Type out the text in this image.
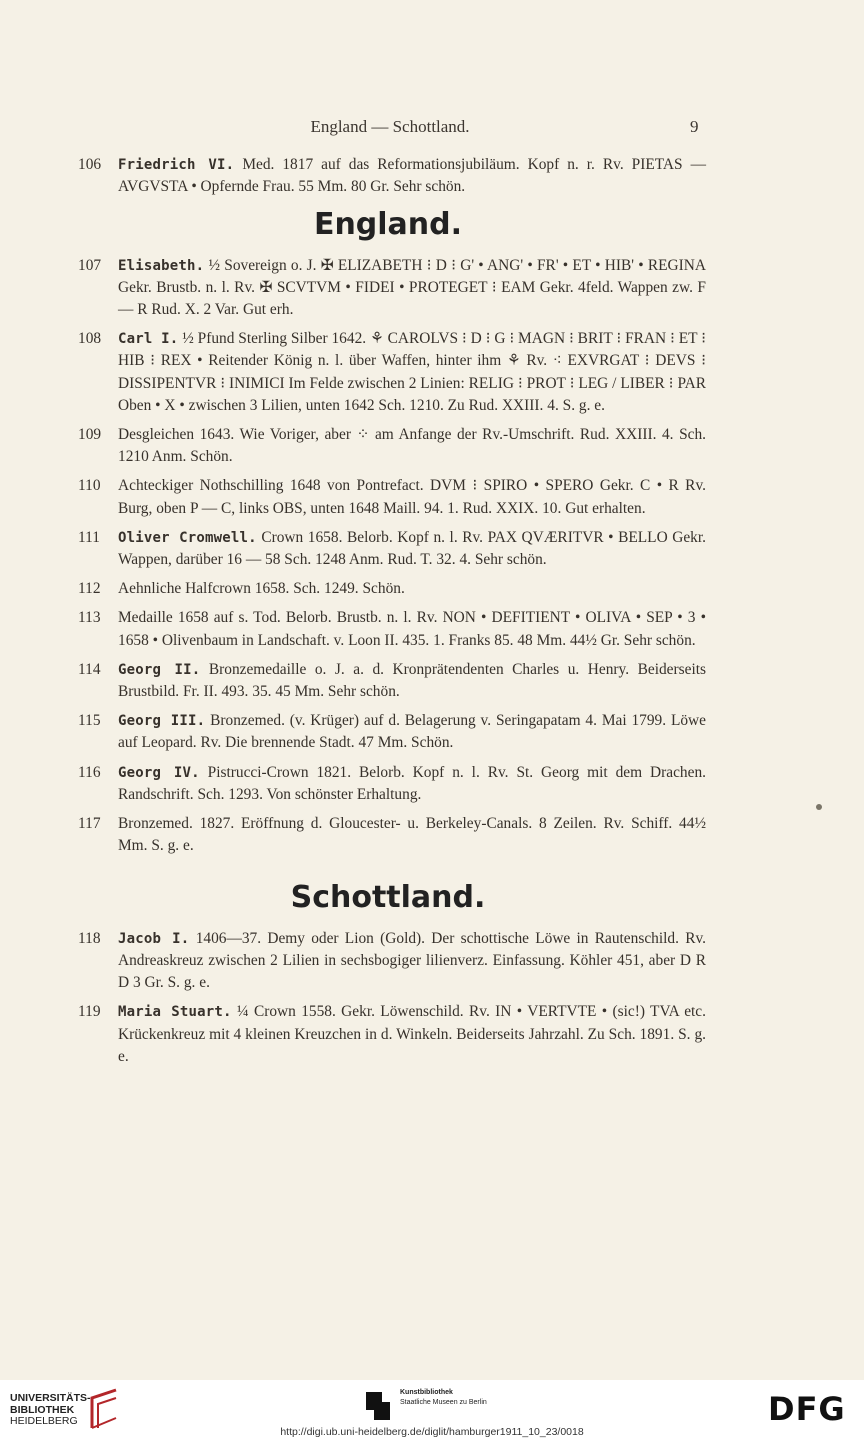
England — Schottland.	9
106 Friedrich VI. Med. 1817 auf das Reformationsjubiläum. Kopf n. r. Rv. PIETAS — AVGVSTA • Opfernde Frau. 55 Mm. 80 Gr. Sehr schön.
England.
107 Elisabeth. ½ Sovereign o. J. ✠ ELIZABETH ⁝ D ⁝ G' • ANG' • FR' • ET • HIB' • REGINA Gekr. Brustb. n. l. Rv. ✠ SCVTVM • FIDEI • PROTEGET ⁝ EAM Gekr. 4feld. Wappen zw. F — R Rud. X. 2 Var. Gut erh.
108 Carl I. ½ Pfund Sterling Silber 1642. ⚘ CAROLVS ⁝ D ⁝ G ⁝ MAGN ⁝ BRIT ⁝ FRAN ⁝ ET ⁝ HIB ⁝ REX • Reitender König n. l. über Waffen, hinter ihm ⚘ Rv. ⁖ EXVRGAT ⁝ DEVS ⁝ DISSIPENTVR ⁝ INIMICI Im Felde zwischen 2 Linien: RELIG ⁝ PROT ⁝ LEG / LIBER ⁝ PAR Oben • X • zwischen 3 Lilien, unten 1642 Sch. 1210. Zu Rud. XXIII. 4. S. g. e.
109 Desgleichen 1643. Wie Voriger, aber ⁘ am Anfange der Rv.-Umschrift. Rud. XXIII. 4. Sch. 1210 Anm. Schön.
110 Achteckiger Nothschilling 1648 von Pontrefact. DVM ⁝ SPIRO • SPERO Gekr. C • R Rv. Burg, oben P — C, links OBS, unten 1648 Maill. 94. 1. Rud. XXIX. 10. Gut erhalten.
111 Oliver Cromwell. Crown 1658. Belorb. Kopf n. l. Rv. PAX QVÆRITVR • BELLO Gekr. Wappen, darüber 16 — 58 Sch. 1248 Anm. Rud. T. 32. 4. Sehr schön.
112 Aehnliche Halfcrown 1658. Sch. 1249. Schön.
113 Medaille 1658 auf s. Tod. Belorb. Brustb. n. l. Rv. NON • DEFITIENT • OLIVA • SEP • 3 • 1658 • Olivenbaum in Landschaft. v. Loon II. 435. 1. Franks 85. 48 Mm. 44½ Gr. Sehr schön.
114 Georg II. Bronzemedaille o. J. a. d. Kronprätendenten Charles u. Henry. Beiderseits Brustbild. Fr. II. 493. 35. 45 Mm. Sehr schön.
115 Georg III. Bronzemed. (v. Krüger) auf d. Belagerung v. Seringapatam 4. Mai 1799. Löwe auf Leopard. Rv. Die brennende Stadt. 47 Mm. Schön.
116 Georg IV. Pistrucci-Crown 1821. Belorb. Kopf n. l. Rv. St. Georg mit dem Drachen. Randschrift. Sch. 1293. Von schönster Erhaltung.
117 Bronzemed. 1827. Eröffnung d. Gloucester- u. Berkeley-Canals. 8 Zeilen. Rv. Schiff. 44½ Mm. S. g. e.
Schottland.
118 Jacob I. 1406—37. Demy oder Lion (Gold). Der schottische Löwe in Rautenschild. Rv. Andreaskreuz zwischen 2 Lilien in sechsbogiger lilienverz. Einfassung. Köhler 451, aber D R D 3 Gr. S. g. e.
119 Maria Stuart. ¼ Crown 1558. Gekr. Löwenschild. Rv. IN • VERTVTE • (sic!) TVA etc. Krückenkreuz mit 4 kleinen Kreuzchen in d. Winkeln. Beiderseits Jahrzahl. Zu Sch. 1891. S. g. e.
UNIVERSITÄTS-
BIBLIOTHEK
HEIDELBERG
Kunstbibliothek
Staatliche Museen zu Berlin	DFG
http://digi.ub.uni-heidelberg.de/diglit/hamburger1911_10_23/0018
